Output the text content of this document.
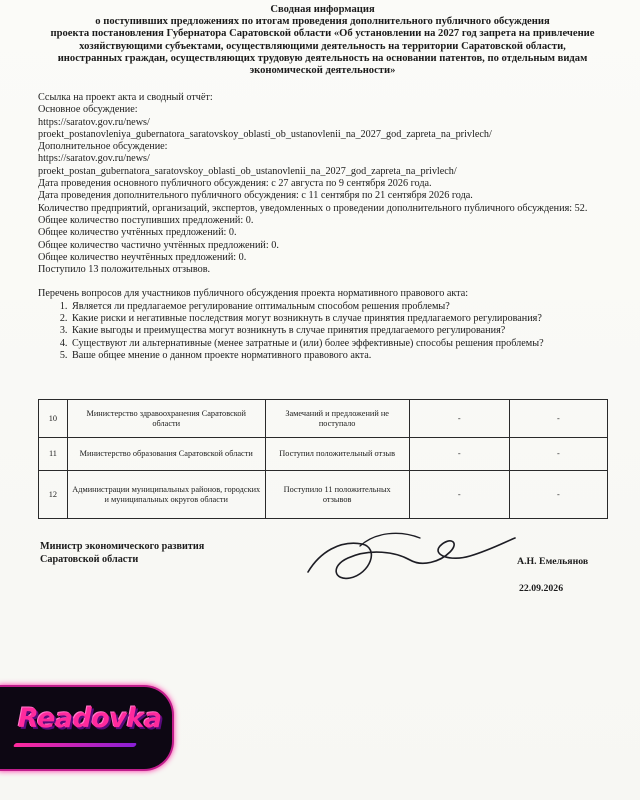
Сводная информация
о поступивших предложениях по итогам проведения дополнительного публичного обсуждения
проекта постановления Губернатора Саратовской области «Об установлении на 2027 год запрета на привлечение
хозяйствующими субъектами, осуществляющими деятельность на территории Саратовской области,
иностранных граждан, осуществляющих трудовую деятельность на основании патентов, по отдельным видам
экономической деятельности»
Ссылка на проект акта и сводный отчёт:
Основное обсуждение:
https://saratov.gov.ru/news/
proekt_postanovleniya_gubernatora_saratovskoy_oblasti_ob_ustanovlenii_na_2027_god_zapreta_na_privlech/
Дополнительное обсуждение:
https://saratov.gov.ru/news/
proekt_postan_gubernatora_saratovskoy_oblasti_ob_ustanovlenii_na_2027_god_zapreta_na_privlech/
Дата проведения основного публичного обсуждения: с 27 августа по 9 сентября 2026 года.
Дата проведения дополнительного публичного обсуждения: с 11 сентября по 21 сентября 2026 года.
Количество предприятий, организаций, экспертов, уведомленных о проведении дополнительного публичного обсуждения: 52.
Общее количество поступивших предложений: 0.
Общее количество учтённых предложений: 0.
Общее количество частично учтённых предложений: 0.
Общее количество неучтённых предложений: 0.
Поступило 13 положительных отзывов.
Перечень вопросов для участников публичного обсуждения проекта нормативного правового акта:
1. Является ли предлагаемое регулирование оптимальным способом решения проблемы?
2. Какие риски и негативные последствия могут возникнуть в случае принятия предлагаемого регулирования?
3. Какие выгоды и преимущества могут возникнуть в случае принятия предлагаемого регулирования?
4. Существуют ли альтернативные (менее затратные и (или) более эффективные) способы решения проблемы?
5. Ваше общее мнение о данном проекте нормативного правового акта.
10	Министерство здравоохранения Саратовской области	Замечаний и предложений не поступало	-	-
11	Министерство образования Саратовской области	Поступил положительный отзыв	-	-
12	Администрации муниципальных районов, городских и муниципальных округов области	Поступило 11 положительных отзывов	-	-
Министр экономического развития
Саратовской области	А.Н. Емельянов
22.09.2026
Readovka
